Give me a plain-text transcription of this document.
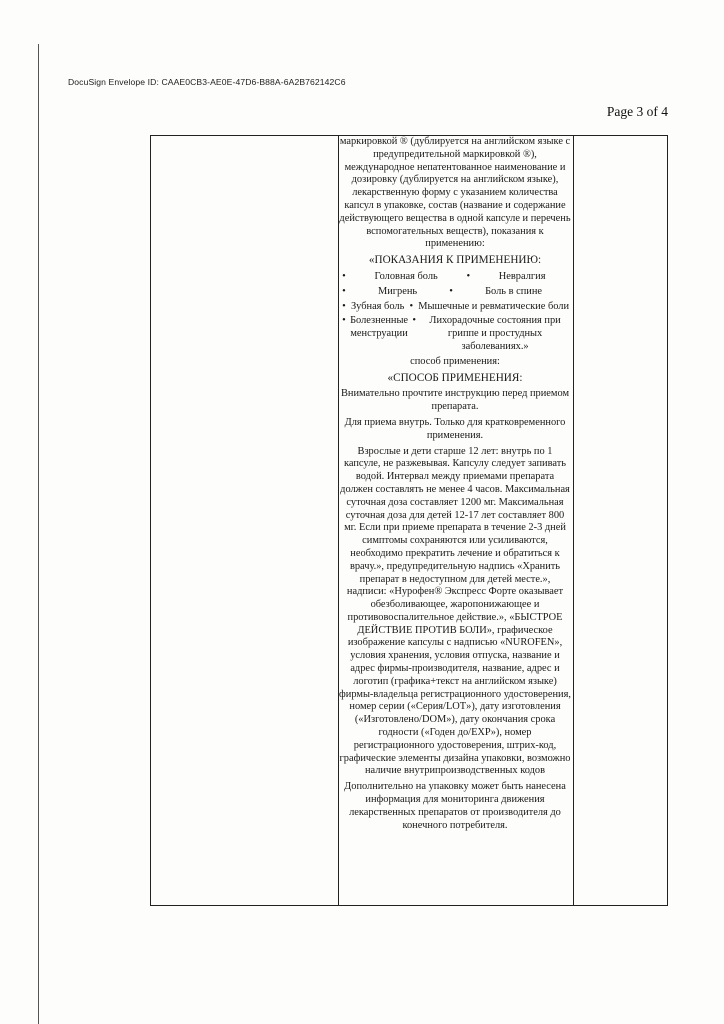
DocuSign Envelope ID: CAAE0CB3-AE0E-47D6-B88A-6A2B762142C6
Page 3 of 4

маркировкой ® (дублируется на английском языке с предупредительной маркировкой ®), международное непатентованное наименование и дозировку (дублируется на английском языке), лекарственную форму с указанием количества капсул в упаковке, состав (название и содержание действующего вещества в одной капсуле и перечень вспомогательных веществ), показания к применению:

«ПОКАЗАНИЯ К ПРИМЕНЕНИЮ:

•	Головная боль	•	Невралгия
•	Мигрень	•	Боль в спине
• Зубная боль • Мышечные и ревматические боли
• Болезненные менструации
•	Лихорадочные состояния при гриппе и простудных заболеваниях.»

способ применения:

«СПОСОБ ПРИМЕНЕНИЯ:

Внимательно прочтите инструкцию перед приемом препарата.

Для приема внутрь. Только для кратковременного применения.

Взрослые и дети старше 12 лет: внутрь по 1 капсуле, не разжевывая. Капсулу следует запивать водой. Интервал между приемами препарата должен составлять не менее 4 часов. Максимальная суточная доза составляет 1200 мг. Максимальная суточная доза для детей 12-17 лет составляет 800 мг. Если при приеме препарата в течение 2-3 дней симптомы сохраняются или усиливаются, необходимо прекратить лечение и обратиться к врачу.», предупредительную надпись «Хранить препарат в недоступном для детей месте.», надписи: «Нурофен® Экспресс Форте оказывает обезболивающее, жаропонижающее и противовоспалительное действие.», «БЫСТРОЕ ДЕЙСТВИЕ ПРОТИВ БОЛИ», графическое изображение капсулы с надписью «NUROFEN», условия хранения, условия отпуска, название и адрес фирмы-производителя, название, адрес и логотип (графика+текст на английском языке) фирмы-владельца регистрационного удостоверения, номер серии («Серия/LOT»), дату изготовления («Изготовлено/DOM»), дату окончания срока годности («Годен до/EXP»), номер регистрационного удостоверения, штрих-код, графические элементы дизайна упаковки, возможно наличие внутрипроизводственных кодов

Дополнительно на упаковку может быть нанесена информация для мониторинга движения лекарственных препаратов от производителя до конечного потребителя.
